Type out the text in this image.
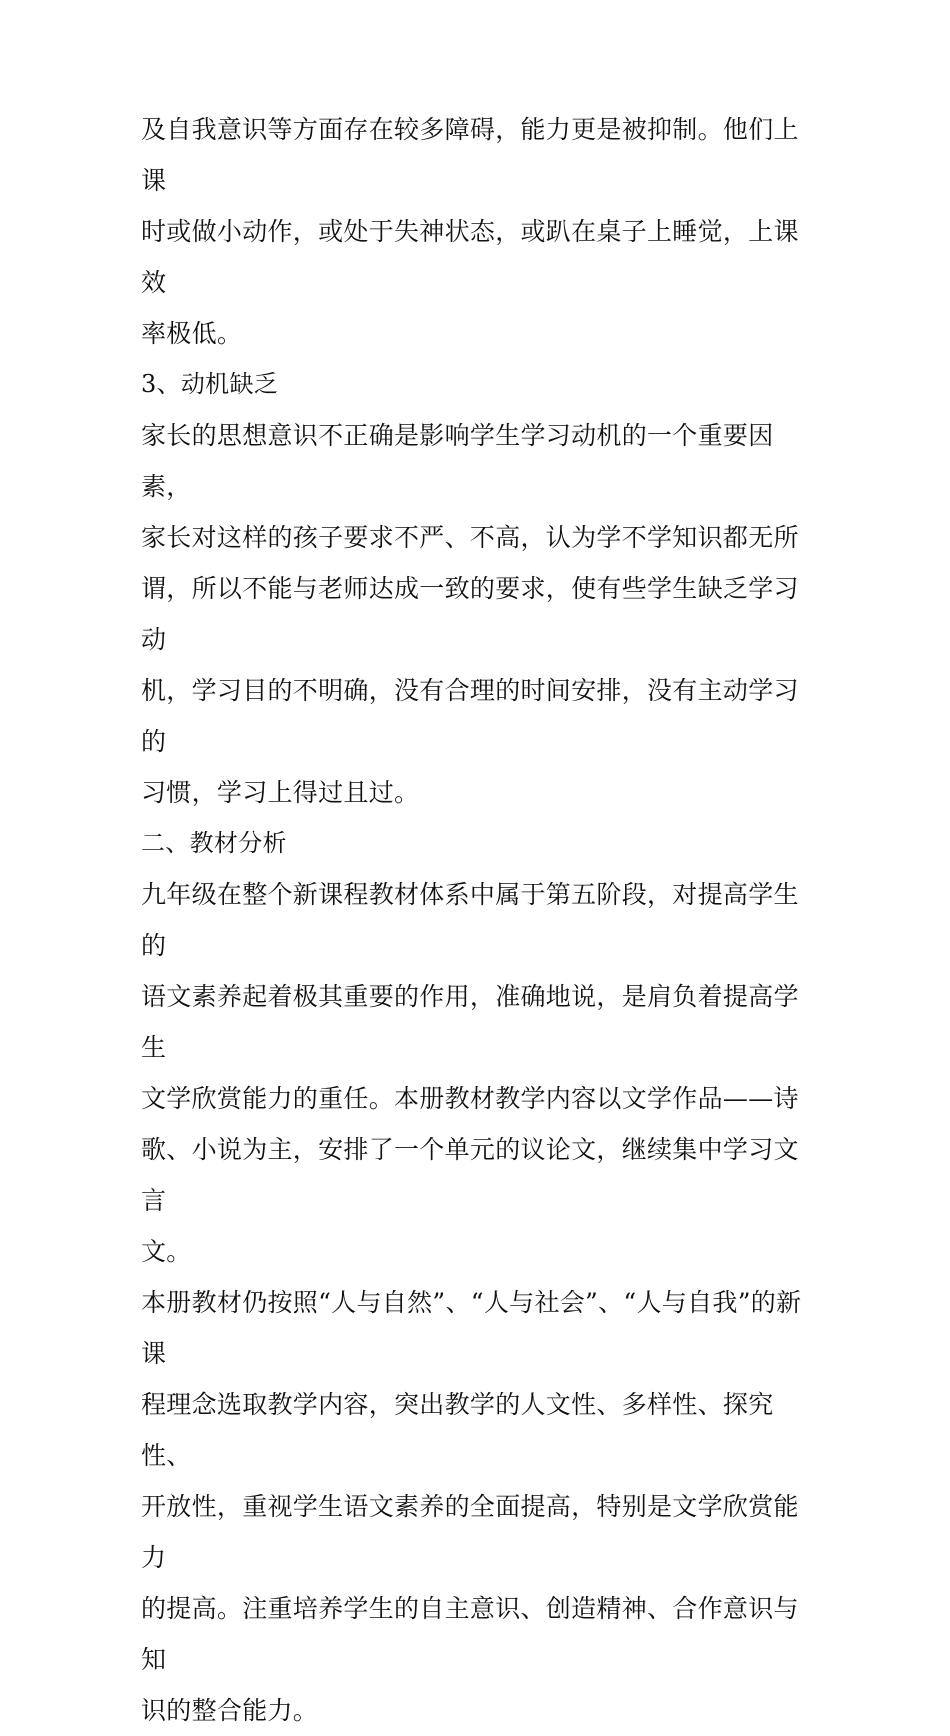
及自我意识等方面存在较多障碍，能力更是被抑制。他们上课
时或做小动作，或处于失神状态，或趴在桌子上睡觉，上课效
率极低。

3、动机缺乏

家长的思想意识不正确是影响学生学习动机的一个重要因素，
家长对这样的孩子要求不严、不高，认为学不学知识都无所
谓，所以不能与老师达成一致的要求，使有些学生缺乏学习动
机，学习目的不明确，没有合理的时间安排，没有主动学习的
习惯，学习上得过且过。

二、教材分析

九年级在整个新课程教材体系中属于第五阶段，对提高学生的
语文素养起着极其重要的作用，准确地说，是肩负着提高学生
文学欣赏能力的重任。本册教材教学内容以文学作品——诗
歌、小说为主，安排了一个单元的议论文，继续集中学习文言
文。

本册教材仍按照“人与自然”、“人与社会”、“人与自我”的新课
程理念选取教学内容，突出教学的人文性、多样性、探究性、
开放性，重视学生语文素养的全面提高，特别是文学欣赏能力
的提高。注重培养学生的自主意识、创造精神、合作意识与知
识的整合能力。
